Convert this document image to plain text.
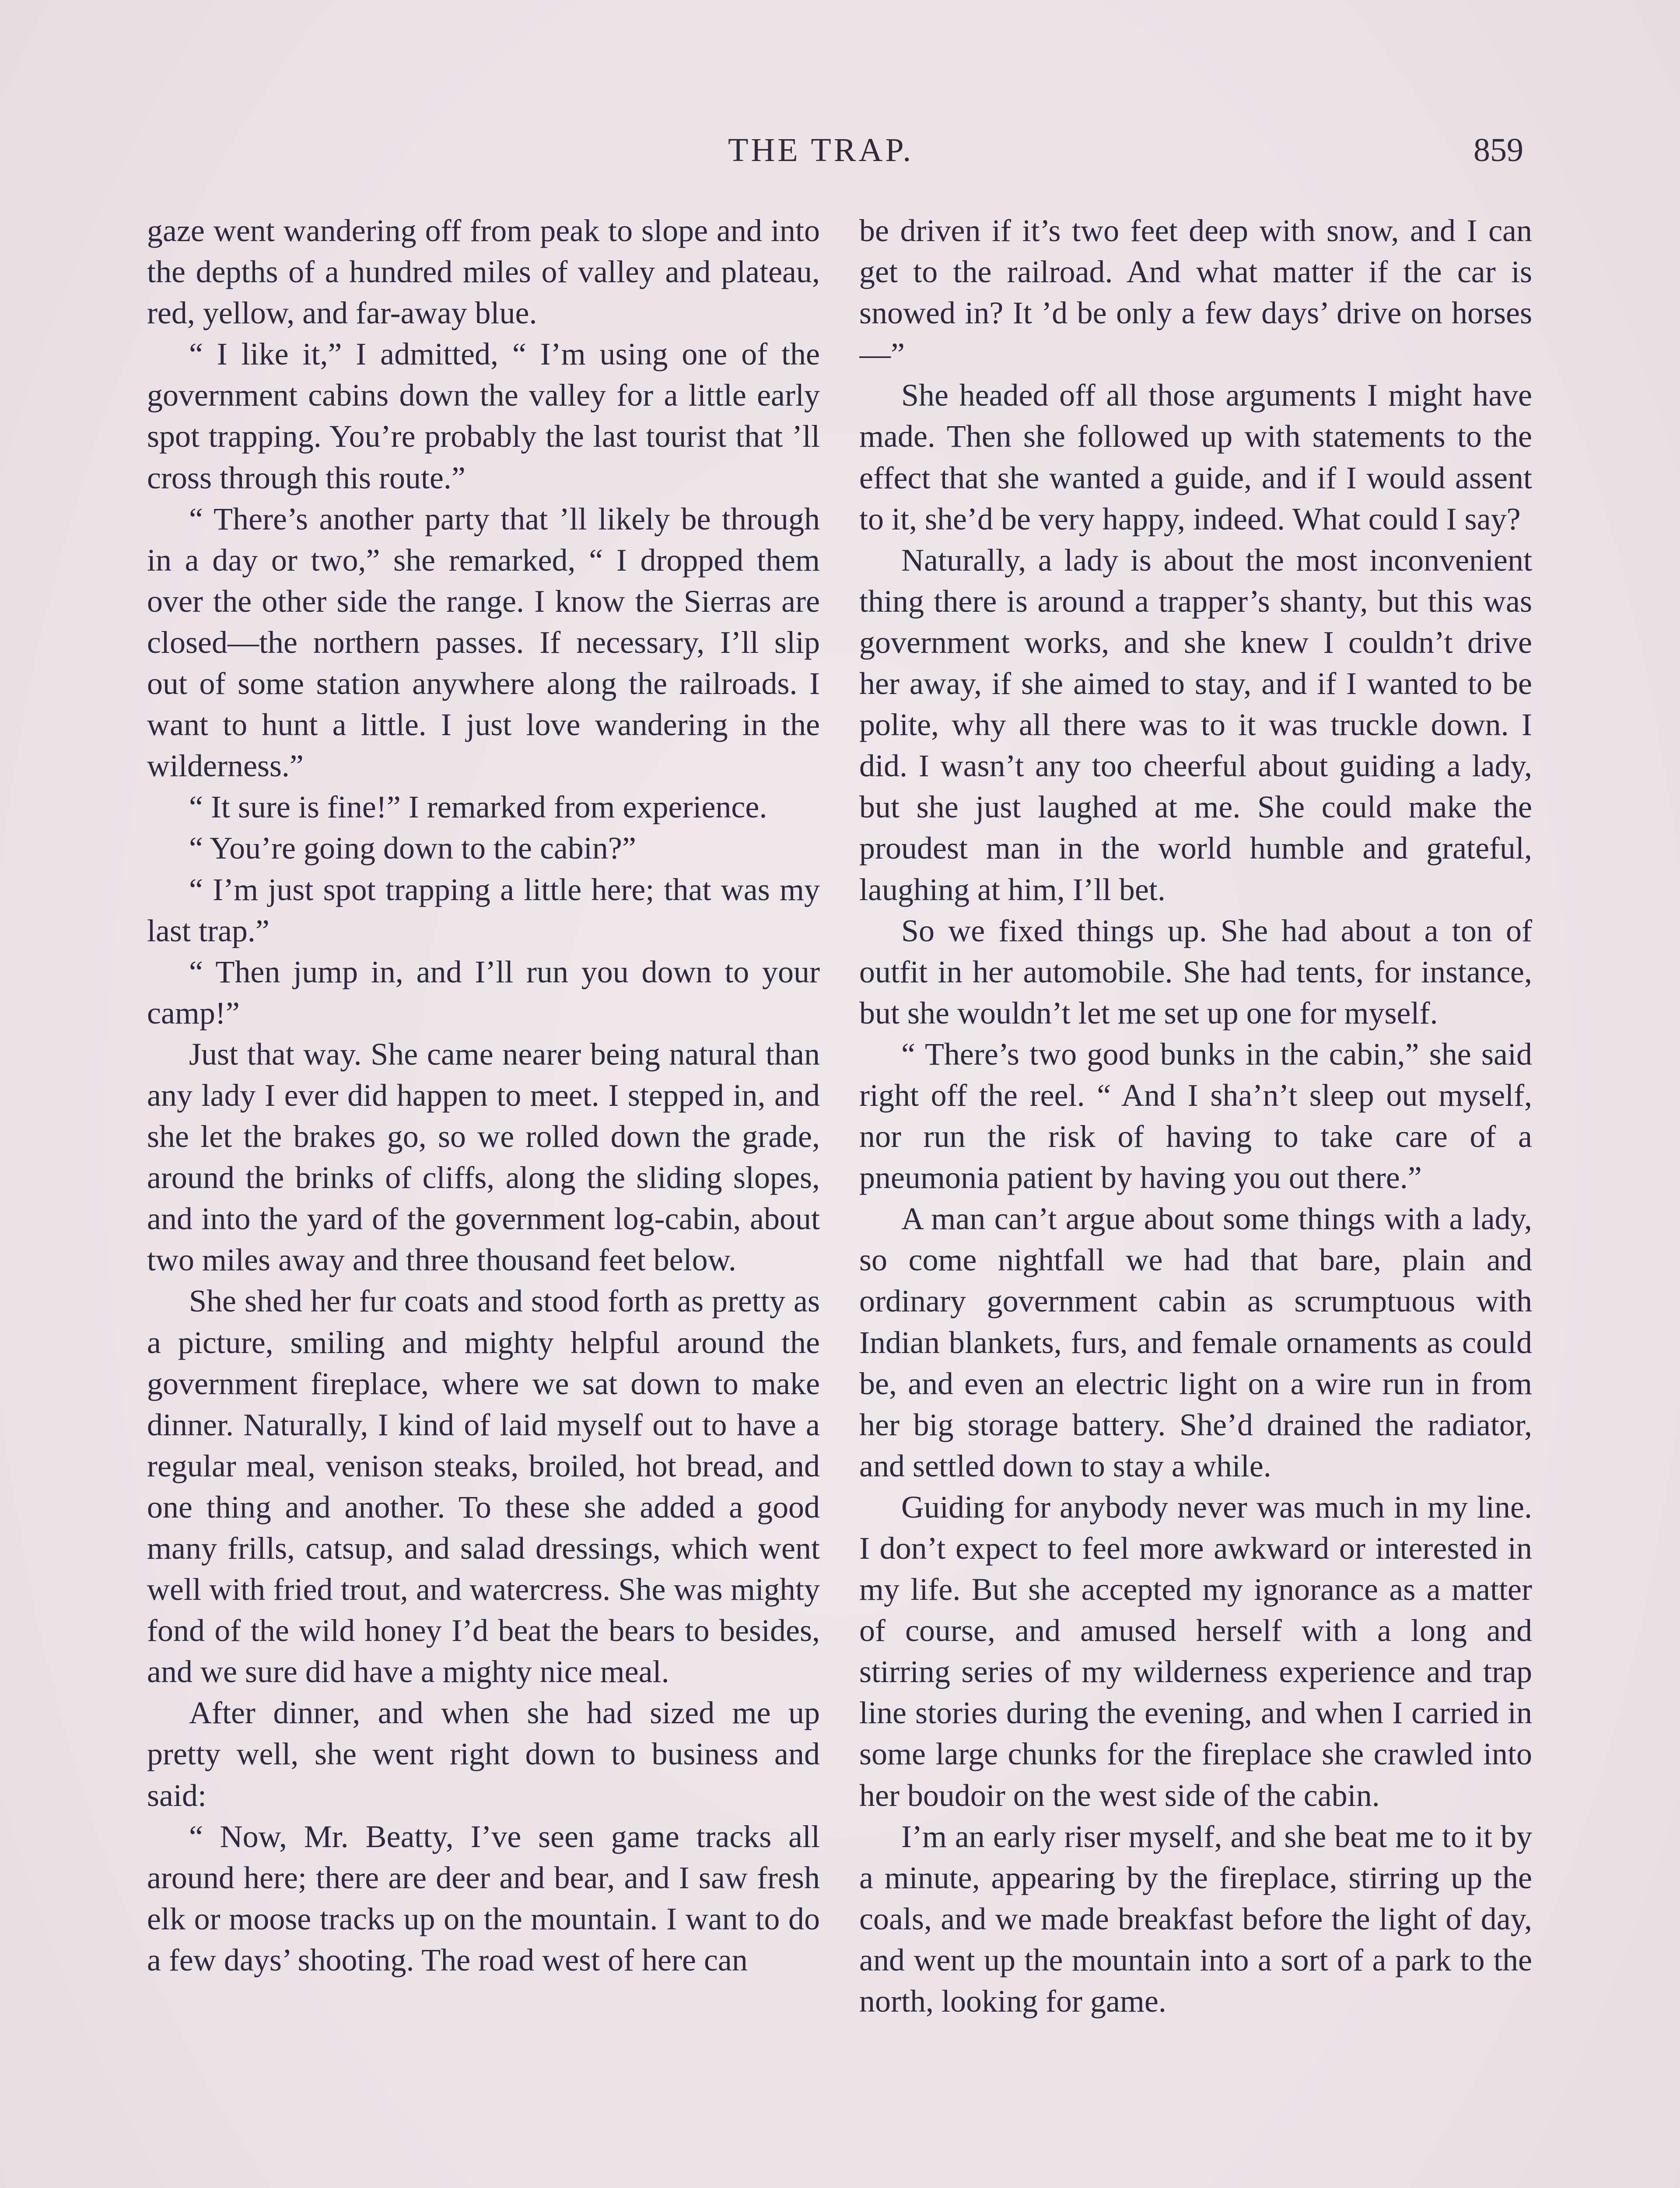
THE TRAP.	859

gaze went wandering off from peak to slope and into the depths of a hundred miles of valley and plateau, red, yellow, and far-away blue.

“ I like it,” I admitted, “ I’m using one of the government cabins down the valley for a little early spot trapping. You’re probably the last tourist that ’ll cross through this route.”

“ There’s another party that ’ll likely be through in a day or two,” she remarked, “ I dropped them over the other side the range. I know the Sierras are closed—the northern passes. If necessary, I’ll slip out of some station anywhere along the railroads. I want to hunt a little. I just love wandering in the wilderness.”

“ It sure is fine!” I remarked from experience.

“ You’re going down to the cabin?”

“ I’m just spot trapping a little here; that was my last trap.”

“ Then jump in, and I’ll run you down to your camp!”

Just that way. She came nearer being natural than any lady I ever did happen to meet. I stepped in, and she let the brakes go, so we rolled down the grade, around the brinks of cliffs, along the sliding slopes, and into the yard of the government log-cabin, about two miles away and three thousand feet below.

She shed her fur coats and stood forth as pretty as a picture, smiling and mighty helpful around the government fireplace, where we sat down to make dinner. Naturally, I kind of laid myself out to have a regular meal, venison steaks, broiled, hot bread, and one thing and another. To these she added a good many frills, catsup, and salad dressings, which went well with fried trout, and watercress. She was mighty fond of the wild honey I’d beat the bears to besides, and we sure did have a mighty nice meal.

After dinner, and when she had sized me up pretty well, she went right down to business and said:

“ Now, Mr. Beatty, I’ve seen game tracks all around here; there are deer and bear, and I saw fresh elk or moose tracks up on the mountain. I want to do a few days’ shooting. The road west of here can

be driven if it’s two feet deep with snow, and I can get to the railroad. And what matter if the car is snowed in? It ’d be only a few days’ drive on horses—”

She headed off all those arguments I might have made. Then she followed up with statements to the effect that she wanted a guide, and if I would assent to it, she’d be very happy, indeed. What could I say?

Naturally, a lady is about the most inconvenient thing there is around a trapper’s shanty, but this was government works, and she knew I couldn’t drive her away, if she aimed to stay, and if I wanted to be polite, why all there was to it was truckle down. I did. I wasn’t any too cheerful about guiding a lady, but she just laughed at me. She could make the proudest man in the world humble and grateful, laughing at him, I’ll bet.

So we fixed things up. She had about a ton of outfit in her automobile. She had tents, for instance, but she wouldn’t let me set up one for myself.

“ There’s two good bunks in the cabin,” she said right off the reel. “ And I sha’n’t sleep out myself, nor run the risk of having to take care of a pneumonia patient by having you out there.”

A man can’t argue about some things with a lady, so come nightfall we had that bare, plain and ordinary government cabin as scrumptuous with Indian blankets, furs, and female ornaments as could be, and even an electric light on a wire run in from her big storage battery. She’d drained the radiator, and settled down to stay a while.

Guiding for anybody never was much in my line. I don’t expect to feel more awkward or interested in my life. But she accepted my ignorance as a matter of course, and amused herself with a long and stirring series of my wilderness experience and trap line stories during the evening, and when I carried in some large chunks for the fireplace she crawled into her boudoir on the west side of the cabin.

I’m an early riser myself, and she beat me to it by a minute, appearing by the fireplace, stirring up the coals, and we made breakfast before the light of day, and went up the mountain into a sort of a park to the north, looking for game.
